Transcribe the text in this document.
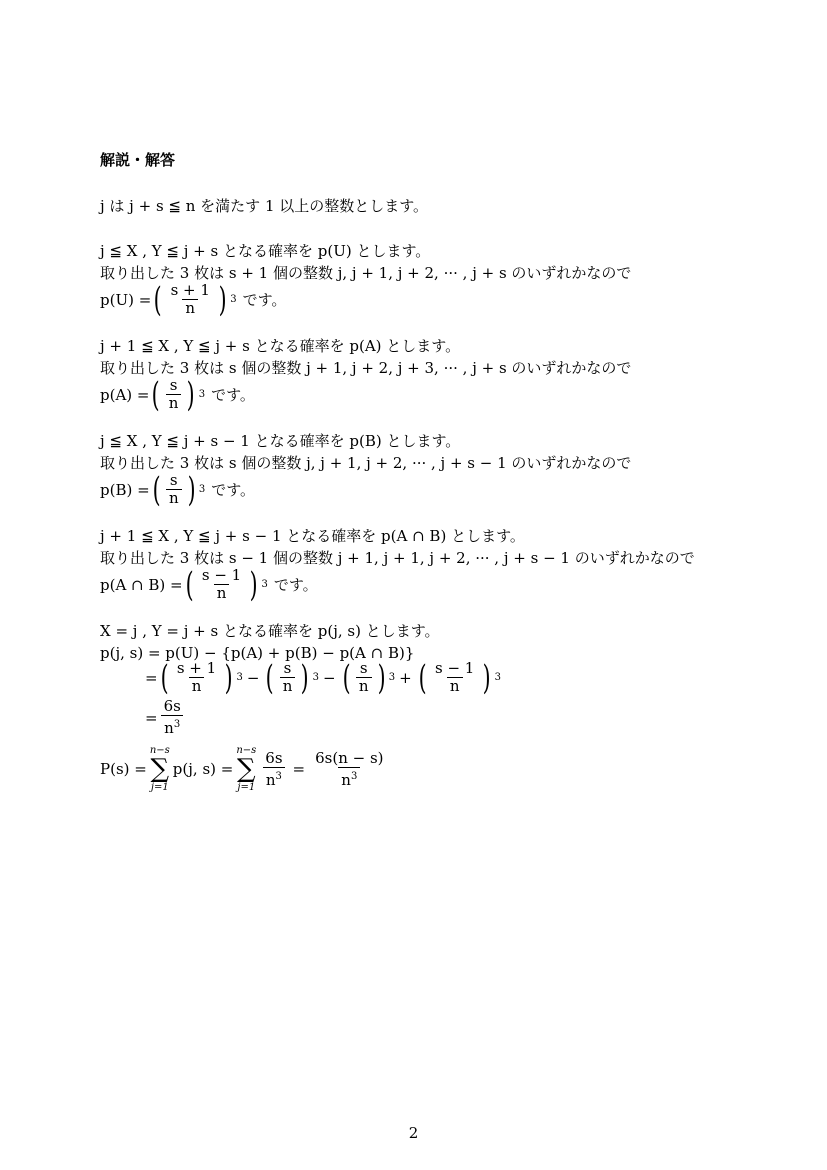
解説・解答
j は j + s ≦ n を満たす 1 以上の整数とします。
j ≦ X , Y ≦ j + s となる確率を p(U) とします。
取り出した 3 枚は s + 1 個の整数 j, j + 1, j + 2, ··· , j + s のいずれかなので
p(U) = ( $\frac{s + 1}{n}$ ) 3 です。
j + 1 ≦ X , Y ≦ j + s となる確率を p(A) とします。
取り出した 3 枚は s 個の整数 j + 1, j + 2, j + 3, ··· , j + s のいずれかなので
p(A) = ( $\frac{s}{n}$ ) 3 です。
j ≦ X , Y ≦ j + s − 1 となる確率を p(B) とします。
取り出した 3 枚は s 個の整数 j, j + 1, j + 2, ··· , j + s − 1 のいずれかなので
p(B) = ( $\frac{s}{n}$ ) 3 です。
j + 1 ≦ X , Y ≦ j + s − 1 となる確率を p(A ∩ B) とします。
取り出した 3 枚は s − 1 個の整数 j + 1, j + 1, j + 2, ··· , j + s − 1 のいずれかなので
p(A ∩ B) = ( $\frac{s - 1}{n}$ ) 3 です。
X = j , Y = j + s となる確率を p(j, s) とします。
p(j, s) = p(U) − {p(A) + p(B) − p(A ∩ B)}
= ( $\frac{s + 1}{n}$ ) 3 − ( $\frac{s}{n}$ ) 3 − ( $\frac{s}{n}$ ) 3 + ( $\frac{s - 1}{n}$ ) 3
= $\frac{6s}{n^3}$
P(s) =
n−s
∑
j=1
p(j, s) =
n−s
∑
$j=1 \frac{6s}{n^3} = \frac{6s(n - s)}{n^3}$
2
